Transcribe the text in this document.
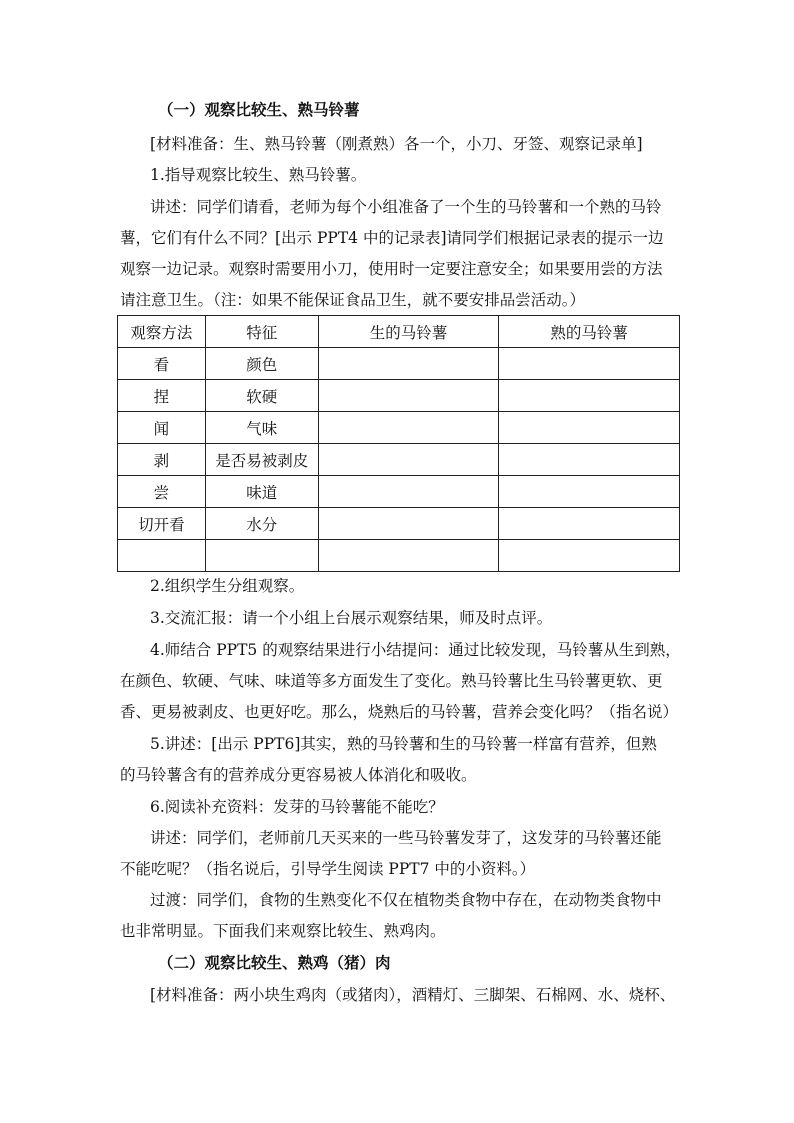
（一）观察比较生、熟马铃薯
[材料准备：生、熟马铃薯（刚煮熟）各一个，小刀、牙签、观察记录单]
1.指导观察比较生、熟马铃薯。
讲述：同学们请看，老师为每个小组准备了一个生的马铃薯和一个熟的马铃
薯，它们有什么不同？[出示 PPT4 中的记录表]请同学们根据记录表的提示一边
观察一边记录。观察时需要用小刀，使用时一定要注意安全；如果要用尝的方法
请注意卫生。（注：如果不能保证食品卫生，就不要安排品尝活动。）
观察方法	特征	生的马铃薯	熟的马铃薯
看	颜色		
捏	软硬		
闻	气味		
剥	是否易被剥皮		
尝	味道		
切开看	水分		

2.组织学生分组观察。
3.交流汇报：请一个小组上台展示观察结果，师及时点评。
4.师结合 PPT5 的观察结果进行小结提问：通过比较发现，马铃薯从生到熟，
在颜色、软硬、气味、味道等多方面发生了变化。熟马铃薯比生马铃薯更软、更
香、更易被剥皮、也更好吃。那么，烧熟后的马铃薯，营养会变化吗？（指名说）
5.讲述：[出示 PPT6]其实，熟的马铃薯和生的马铃薯一样富有营养，但熟
的马铃薯含有的营养成分更容易被人体消化和吸收。
6.阅读补充资料：发芽的马铃薯能不能吃？
讲述：同学们，老师前几天买来的一些马铃薯发芽了，这发芽的马铃薯还能
不能吃呢？（指名说后，引导学生阅读 PPT7 中的小资料。）
过渡：同学们，食物的生熟变化不仅在植物类食物中存在，在动物类食物中
也非常明显。下面我们来观察比较生、熟鸡肉。
（二）观察比较生、熟鸡（猪）肉
[材料准备：两小块生鸡肉（或猪肉），酒精灯、三脚架、石棉网、水、烧杯、
